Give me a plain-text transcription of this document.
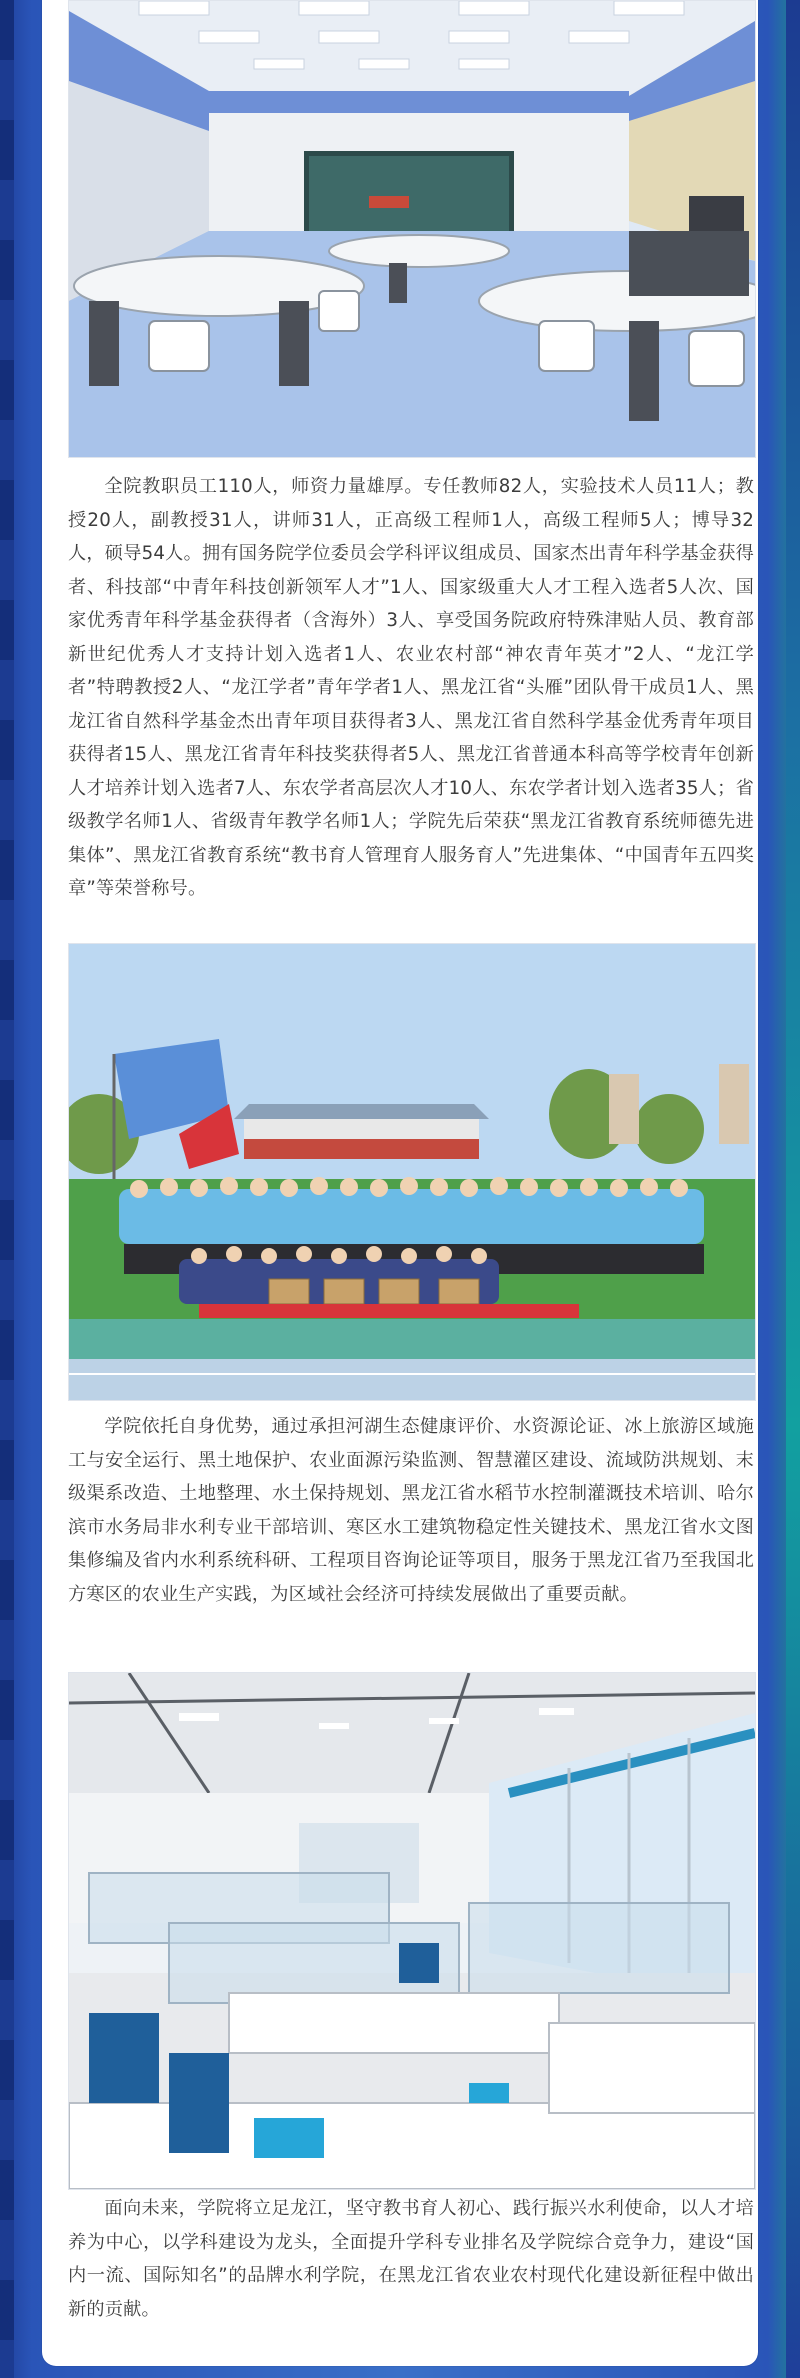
全院教职员工110人，师资力量雄厚。专任教师82人，实验技术人员11人；教授20人，副教授31人，讲师31人，正高级工程师1人，高级工程师5人；博导32人，硕导54人。拥有国务院学位委员会学科评议组成员、国家杰出青年科学基金获得者、科技部“中青年科技创新领军人才”1人、国家级重大人才工程入选者5人次、国家优秀青年科学基金获得者（含海外）3人、享受国务院政府特殊津贴人员、教育部新世纪优秀人才支持计划入选者1人、农业农村部“神农青年英才”2人、“龙江学者”特聘教授2人、“龙江学者”青年学者1人、黑龙江省“头雁”团队骨干成员1人、黑龙江省自然科学基金杰出青年项目获得者3人、黑龙江省自然科学基金优秀青年项目获得者15人、黑龙江省青年科技奖获得者5人、黑龙江省普通本科高等学校青年创新人才培养计划入选者7人、东农学者高层次人才10人、东农学者计划入选者35人；省级教学名师1人、省级青年教学名师1人；学院先后荣获“黑龙江省教育系统师德先进集体”、黑龙江省教育系统“教书育人管理育人服务育人”先进集体、“中国青年五四奖章”等荣誉称号。

学院依托自身优势，通过承担河湖生态健康评价、水资源论证、冰上旅游区域施工与安全运行、黑土地保护、农业面源污染监测、智慧灌区建设、流域防洪规划、末级渠系改造、土地整理、水土保持规划、黑龙江省水稻节水控制灌溉技术培训、哈尔滨市水务局非水利专业干部培训、寒区水工建筑物稳定性关键技术、黑龙江省水文图集修编及省内水利系统科研、工程项目咨询论证等项目，服务于黑龙江省乃至我国北方寒区的农业生产实践，为区域社会经济可持续发展做出了重要贡献。

面向未来，学院将立足龙江，坚守教书育人初心、践行振兴水利使命，以人才培养为中心，以学科建设为龙头，全面提升学科专业排名及学院综合竞争力，建设“国内一流、国际知名”的品牌水利学院，在黑龙江省农业农村现代化建设新征程中做出新的贡献。
